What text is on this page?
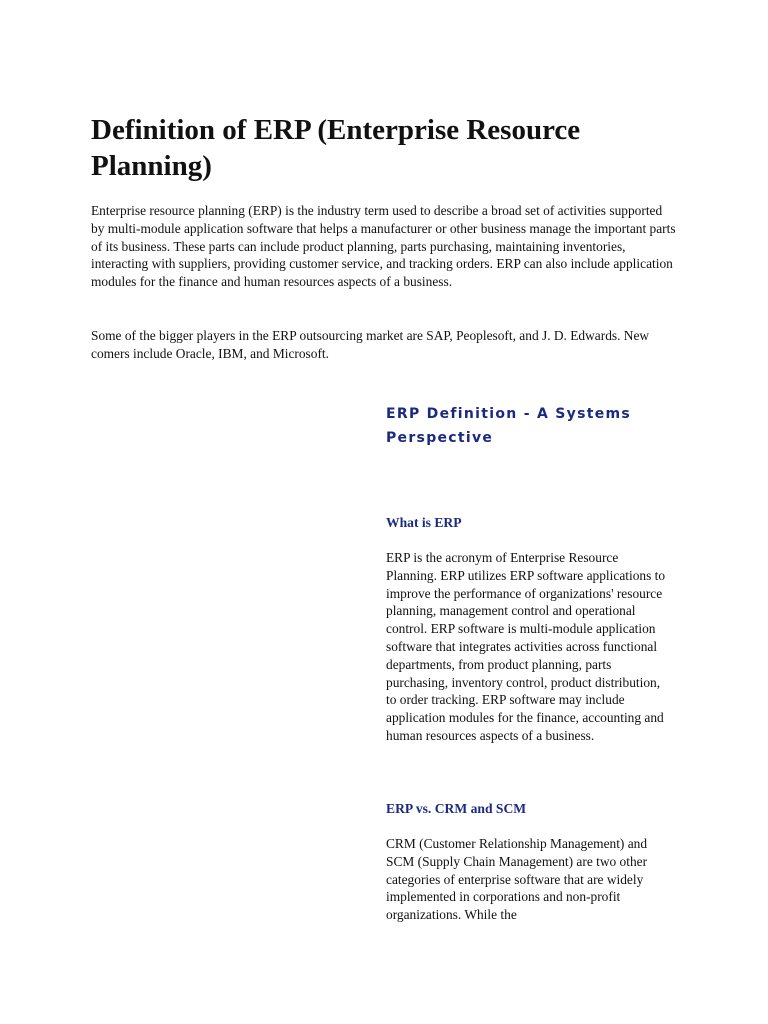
Definition of ERP (Enterprise Resource Planning)

Enterprise resource planning (ERP) is the industry term used to describe a broad set of activities supported by multi-module application software that helps a manufacturer or other business manage the important parts of its business. These parts can include product planning, parts purchasing, maintaining inventories, interacting with suppliers, providing customer service, and tracking orders. ERP can also include application modules for the finance and human resources aspects of a business.

Some of the bigger players in the ERP outsourcing market are SAP, Peoplesoft, and J. D. Edwards. New comers include Oracle, IBM, and Microsoft.

ERP Definition - A Systems Perspective
What is ERP

ERP is the acronym of Enterprise Resource Planning. ERP utilizes ERP software applications to improve the performance of organizations' resource planning, management control and operational control. ERP software is multi-module application software that integrates activities across functional departments, from product planning, parts purchasing, inventory control, product distribution, to order tracking. ERP software may include application modules for the finance, accounting and human resources aspects of a business.

ERP vs. CRM and SCM

CRM (Customer Relationship Management) and SCM (Supply Chain Management) are two other categories of enterprise software that are widely implemented in corporations and non-profit organizations. While the
